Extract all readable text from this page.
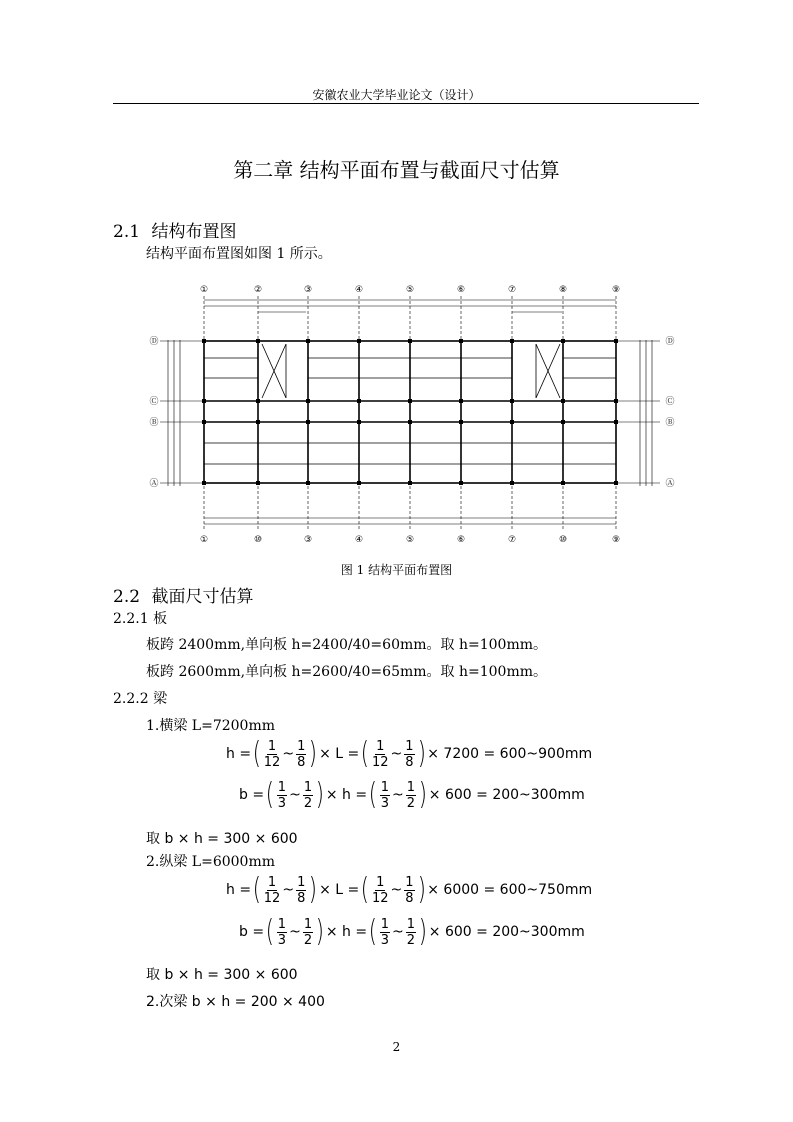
安徽农业大学毕业论文（设计）
第二章 结构平面布置与截面尺寸估算
2.1 结构布置图
结构平面布置图如图 1 所示。
①	②	③	④	⑤	⑥	⑦	⑧	⑨
①	⑩	③	④	⑤	⑥	⑦	⑩	⑨
Ⓓ
Ⓒ
Ⓑ
Ⓐ
Ⓓ
Ⓒ
Ⓑ
Ⓐ
图 1 结构平面布置图
2.2 截面尺寸估算
2.2.1 板
板跨 2400mm,单向板 h=2400/40=60mm。取 h=100mm。
板跨 2600mm,单向板 h=2600/40=65mm。取 h=100mm。
2.2.2 梁
1.横梁 L=7200mm
h = ( $\frac{1}{12}$ ~ $\frac{1}{8}$ ) × L = ( $\frac{1}{12}$ ~ $\frac{1}{8}$ ) × 7200 = 600~900mm
b = ( $\frac{1}{3}$ ~ $\frac{1}{2}$ ) × h = ( $\frac{1}{3}$ ~ $\frac{1}{2}$ ) × 600 = 200~300mm
取 b × h = 300 × 600
2.纵梁 L=6000mm
h = ( $\frac{1}{12}$ ~ $\frac{1}{8}$ ) × L = ( $\frac{1}{12}$ ~ $\frac{1}{8}$ ) × 6000 = 600~750mm
b = ( $\frac{1}{3}$ ~ $\frac{1}{2}$ ) × h = ( $\frac{1}{3}$ ~ $\frac{1}{2}$ ) × 600 = 200~300mm
取 b × h = 300 × 600
2.次梁 b × h = 200 × 400
2
